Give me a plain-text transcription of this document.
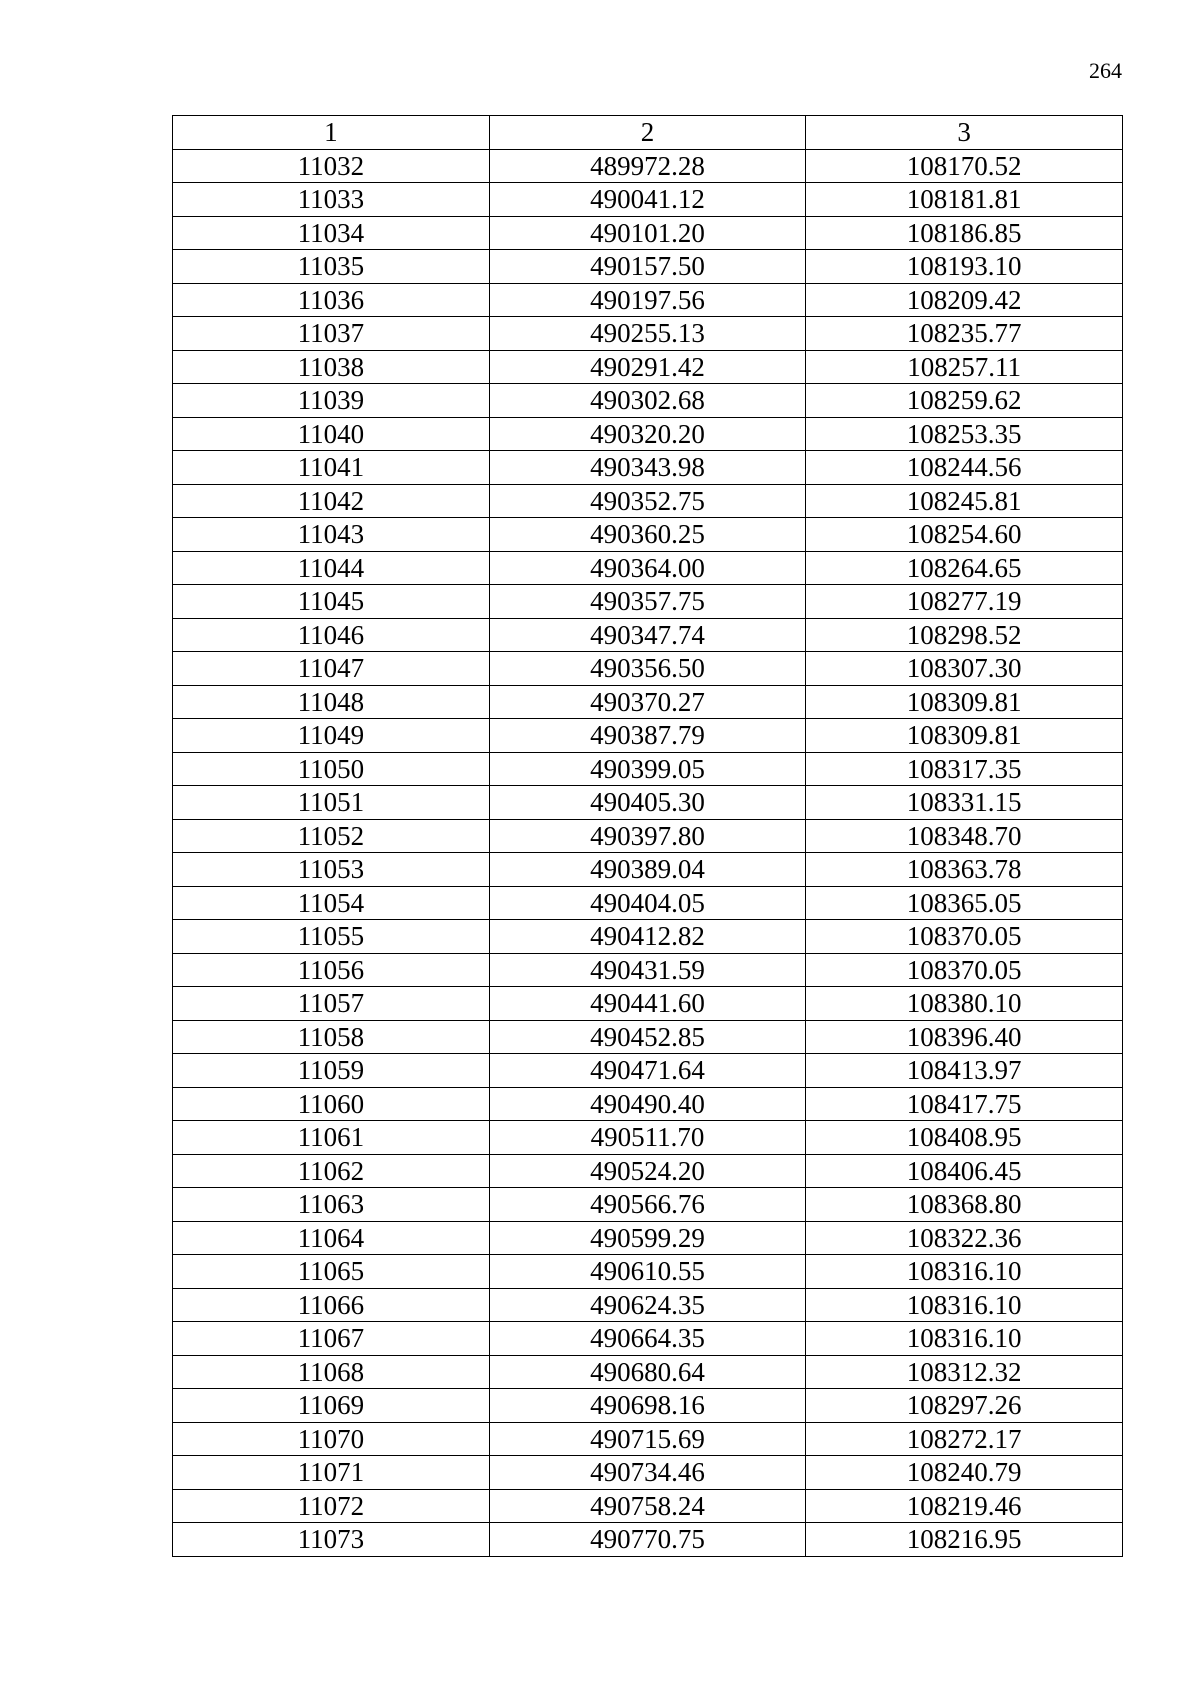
264
1	2	3
11032	489972.28	108170.52
11033	490041.12	108181.81
11034	490101.20	108186.85
11035	490157.50	108193.10
11036	490197.56	108209.42
11037	490255.13	108235.77
11038	490291.42	108257.11
11039	490302.68	108259.62
11040	490320.20	108253.35
11041	490343.98	108244.56
11042	490352.75	108245.81
11043	490360.25	108254.60
11044	490364.00	108264.65
11045	490357.75	108277.19
11046	490347.74	108298.52
11047	490356.50	108307.30
11048	490370.27	108309.81
11049	490387.79	108309.81
11050	490399.05	108317.35
11051	490405.30	108331.15
11052	490397.80	108348.70
11053	490389.04	108363.78
11054	490404.05	108365.05
11055	490412.82	108370.05
11056	490431.59	108370.05
11057	490441.60	108380.10
11058	490452.85	108396.40
11059	490471.64	108413.97
11060	490490.40	108417.75
11061	490511.70	108408.95
11062	490524.20	108406.45
11063	490566.76	108368.80
11064	490599.29	108322.36
11065	490610.55	108316.10
11066	490624.35	108316.10
11067	490664.35	108316.10
11068	490680.64	108312.32
11069	490698.16	108297.26
11070	490715.69	108272.17
11071	490734.46	108240.79
11072	490758.24	108219.46
11073	490770.75	108216.95
